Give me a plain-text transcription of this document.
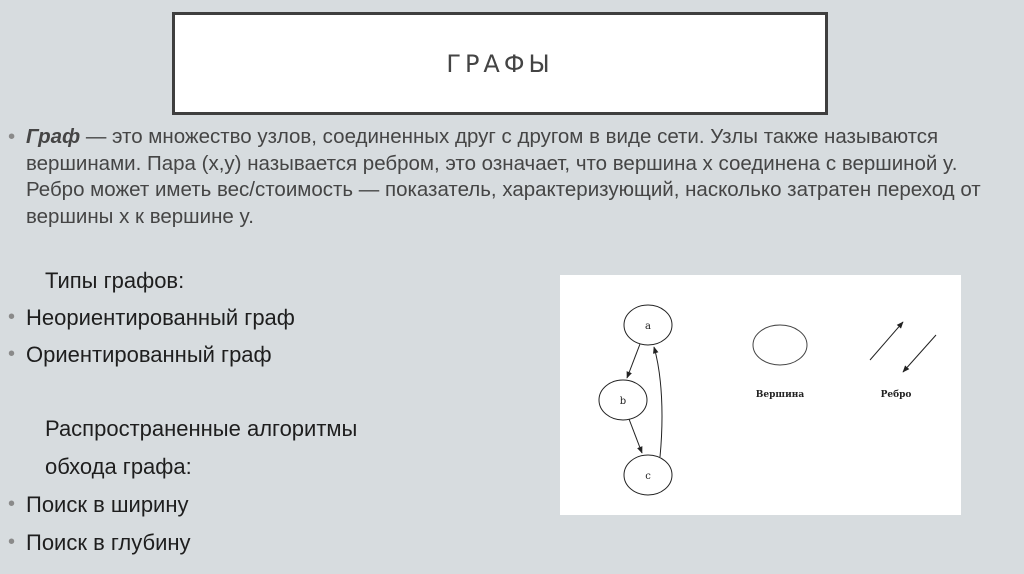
ГРАФЫ
• Граф — это множество узлов, соединенных друг с другом в виде сети. Узлы также называются вершинами. Пара (x,y) называется ребром, это означает, что вершина x соединена с вершиной y. Ребро может иметь вес/стоимость — показатель, характеризующий, насколько затратен переход от вершины x к вершине y.
Типы графов:
• Неориентированный граф
• Ориентированный граф
Распространенные алгоритмы
обхода графа:
• Поиск в ширину
• Поиск в глубину
a
b
c
Вершина	Ребро
